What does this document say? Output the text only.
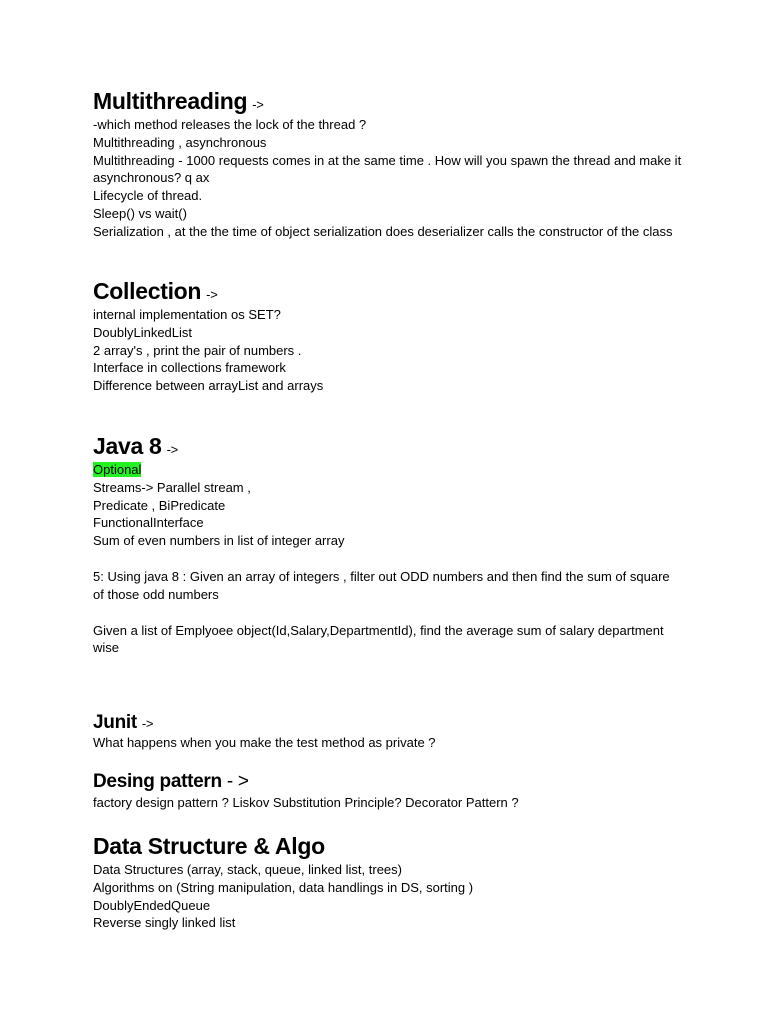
Multithreading ->
-which method releases the lock of the thread ?
Multithreading , asynchronous
Multithreading - 1000 requests comes in at the same time . How will you spawn the thread and make it asynchronous? q ax
Lifecycle of thread.
Sleep() vs wait()
Serialization , at the the time of object serialization does deserializer calls the constructor of the class
Collection ->
internal implementation os SET?
DoublyLinkedList
2 array's , print the pair of numbers .
Interface in collections framework
Difference between arrayList and arrays
Java 8 ->
Optional
Streams-> Parallel stream ,
Predicate , BiPredicate
FunctionalInterface
Sum of even numbers in list of integer array
5: Using java 8 : Given an array of integers , filter out ODD numbers and then find the sum of square of those odd numbers
Given a list of Emplyoee object(Id,Salary,DepartmentId), find the average sum of salary department wise
Junit ->
What happens when you make the test method as private ?
Desing pattern - >
factory design pattern ? Liskov Substitution Principle? Decorator Pattern ?
Data Structure & Algo
Data Structures (array, stack, queue, linked list, trees)
Algorithms on (String manipulation, data handlings in DS, sorting )
DoublyEndedQueue
Reverse singly linked list
